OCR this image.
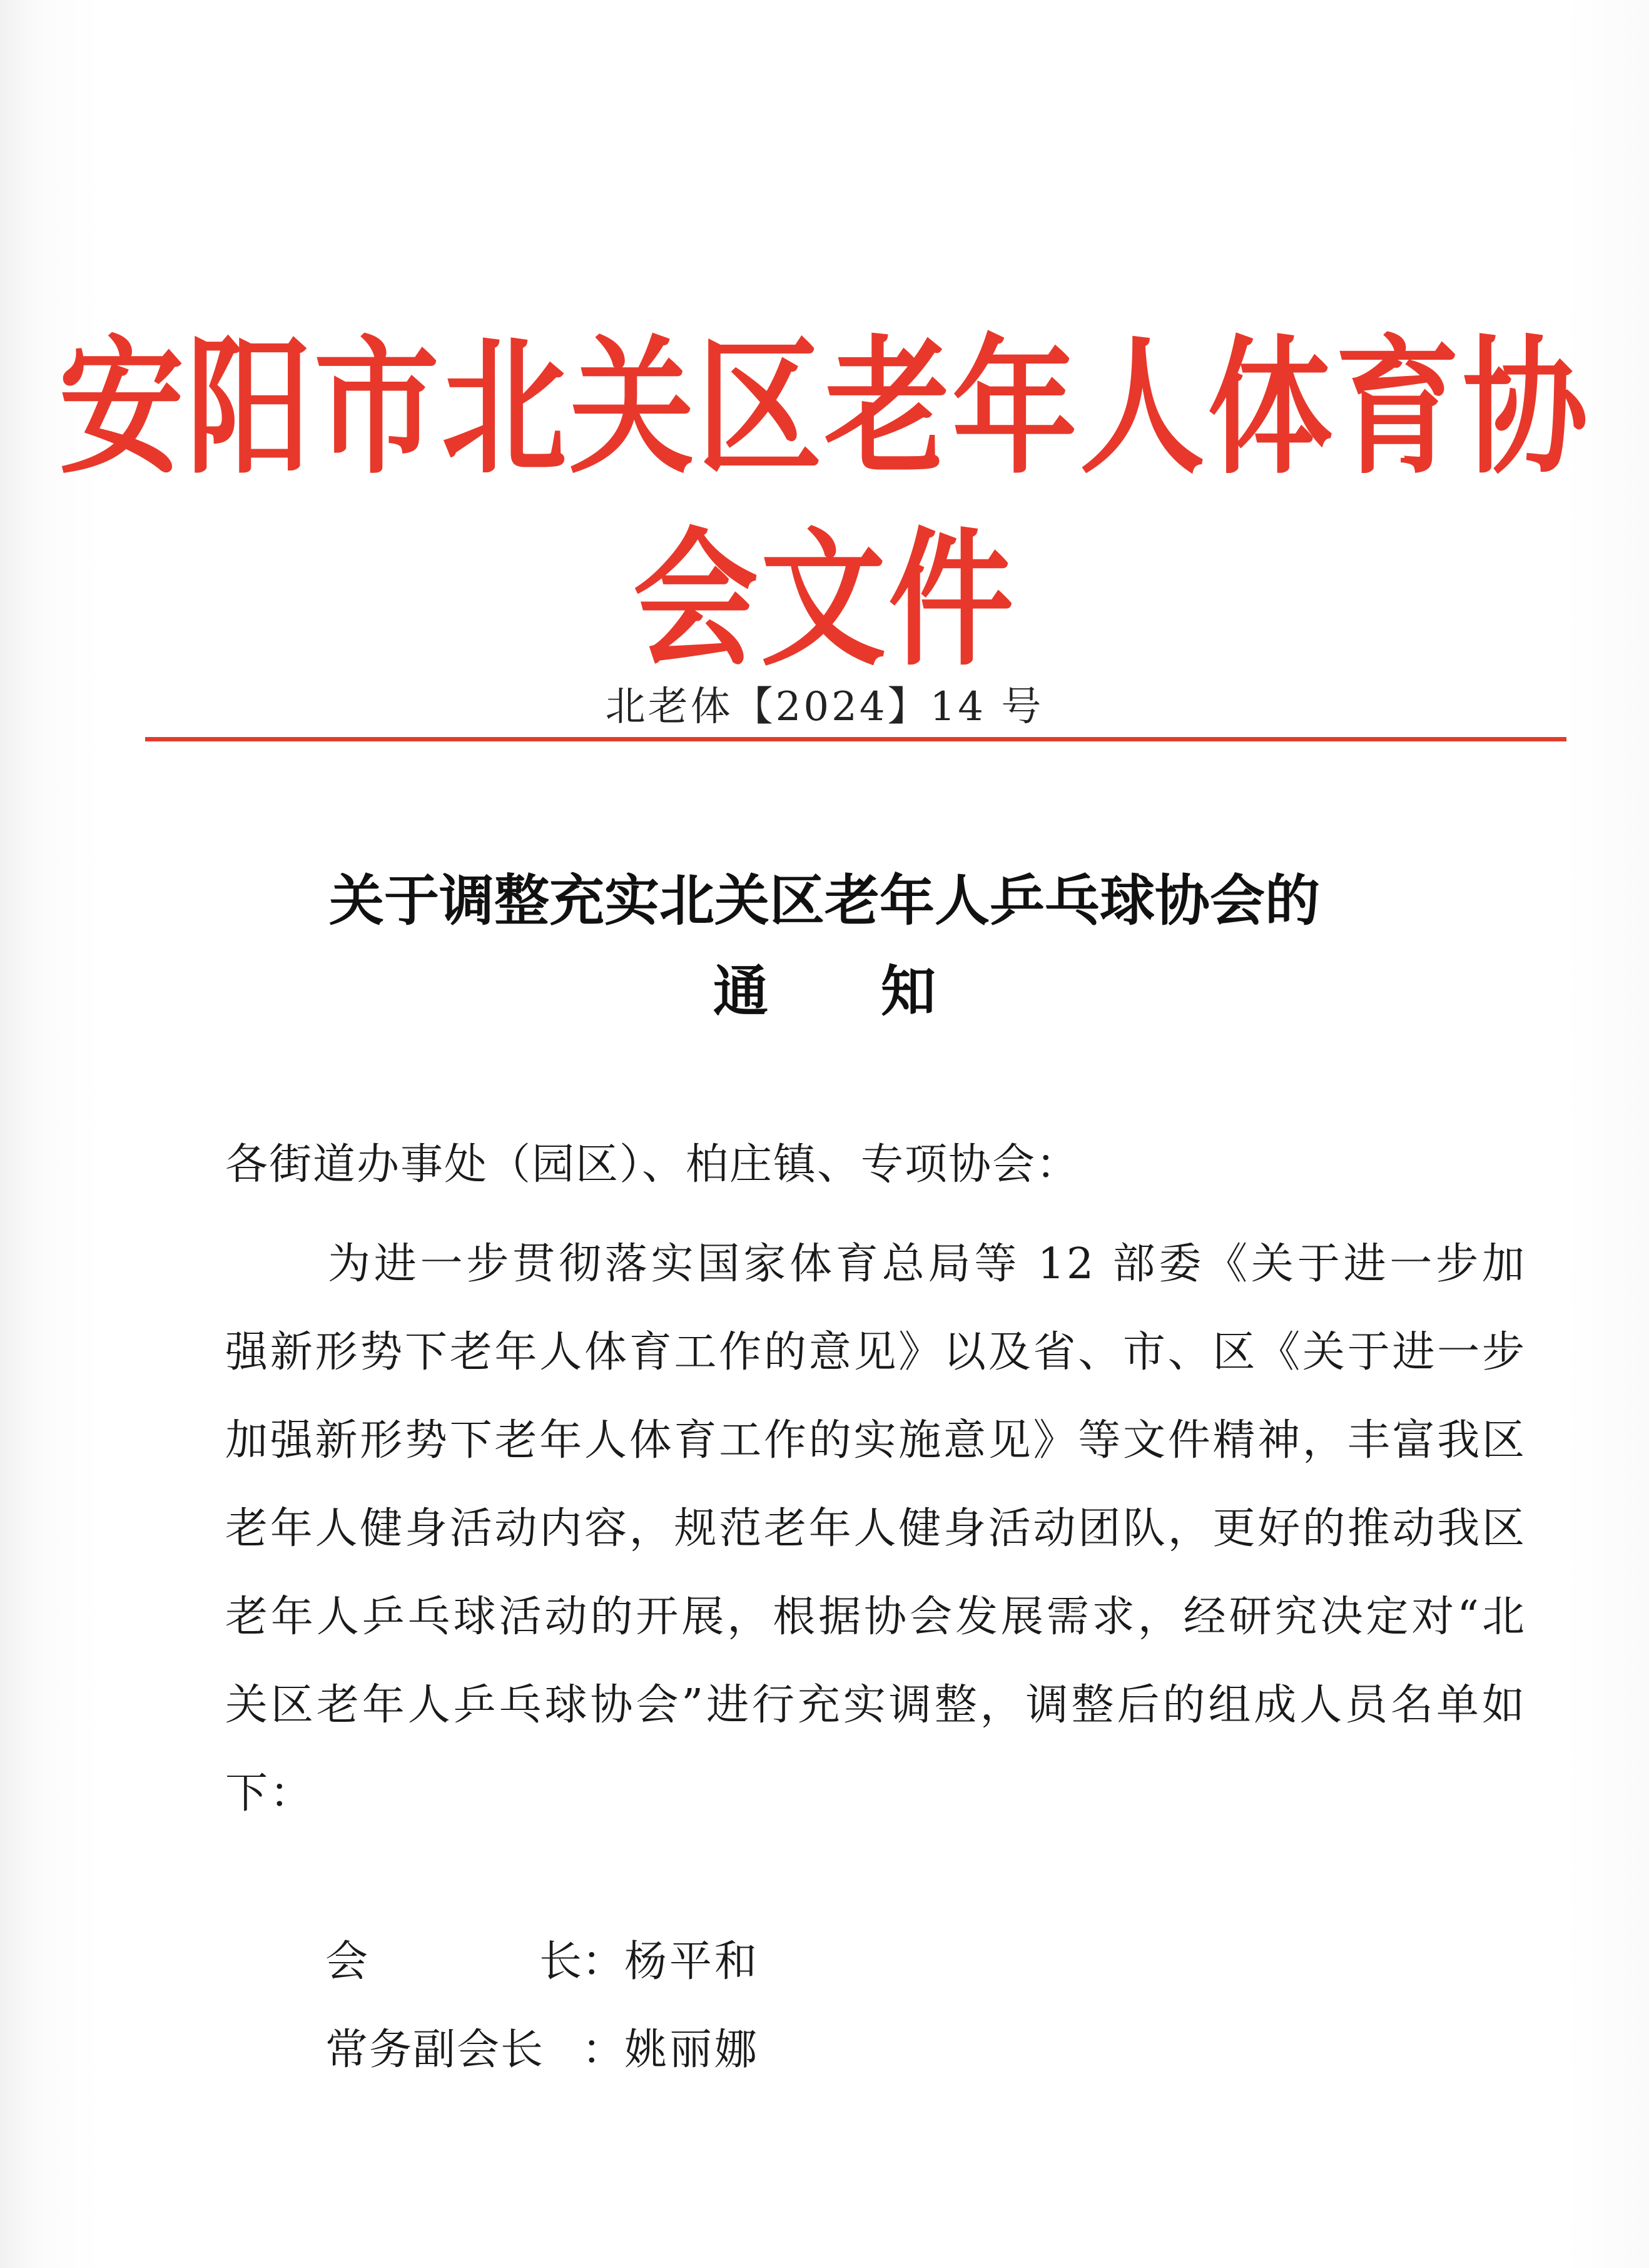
安阳市北关区老年人体育协会文件
北老体【2024】14 号
关于调整充实北关区老年人乒乓球协会的
通知
各街道办事处（园区）、柏庄镇、专项协会：
为进一步贯彻落实国家体育总局等 12 部委《关于进一步加强新形势下老年人体育工作的意见》以及省、市、区《关于进一步加强新形势下老年人体育工作的实施意见》等文件精神，丰富我区老年人健身活动内容，规范老年人健身活动团队，更好的推动我区老年人乒乓球活动的开展，根据协会发展需求，经研究决定对“北关区老年人乒乓球协会”进行充实调整，调整后的组成人员名单如下：
会长：杨平和
常务副会长 ：姚丽娜
